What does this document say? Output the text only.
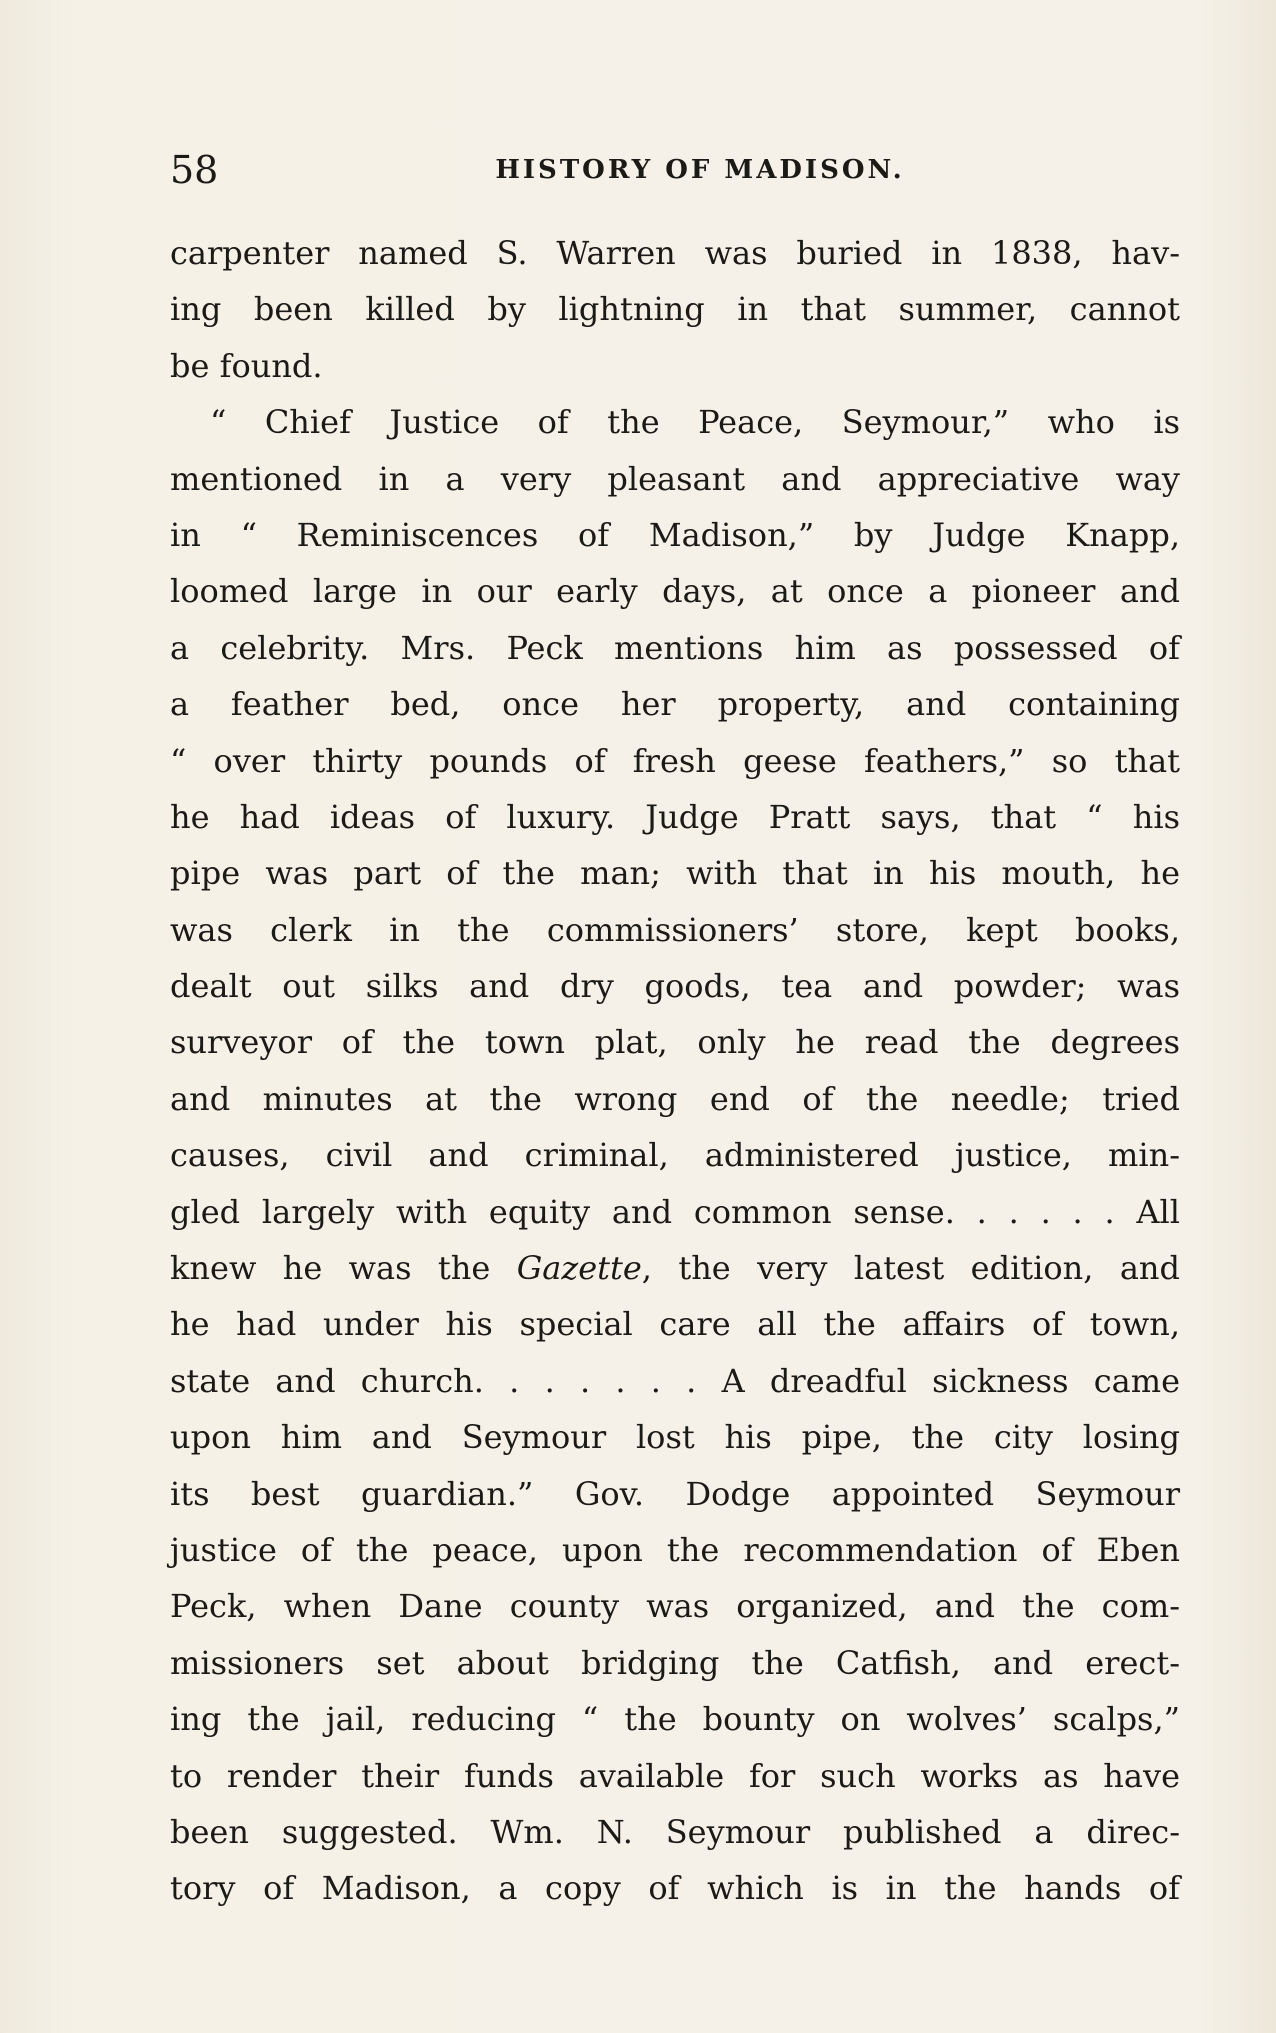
58	HISTORY OF MADISON.
carpenter named S. Warren was buried in 1838, hav-
ing been killed by lightning in that summer, cannot
be found.
“ Chief Justice of the Peace, Seymour,” who is
mentioned in a very pleasant and appreciative way
in “ Reminiscences of Madison,” by Judge Knapp,
loomed large in our early days, at once a pioneer and
a celebrity. Mrs. Peck mentions him as possessed of
a feather bed, once her property, and containing
“ over thirty pounds of fresh geese feathers,” so that
he had ideas of luxury. Judge Pratt says, that “ his
pipe was part of the man; with that in his mouth, he
was clerk in the commissioners’ store, kept books,
dealt out silks and dry goods, tea and powder; was
surveyor of the town plat, only he read the degrees
and minutes at the wrong end of the needle; tried
causes, civil and criminal, administered justice, min-
gled largely with equity and common sense. . . . . . All
knew he was the Gazette, the very latest edition, and
he had under his special care all the affairs of town,
state and church. . . . . . . A dreadful sickness came
upon him and Seymour lost his pipe, the city losing
its best guardian.” Gov. Dodge appointed Seymour
justice of the peace, upon the recommendation of Eben
Peck, when Dane county was organized, and the com-
missioners set about bridging the Catfish, and erect-
ing the jail, reducing “ the bounty on wolves’ scalps,”
to render their funds available for such works as have
been suggested. Wm. N. Seymour published a direc-
tory of Madison, a copy of which is in the hands of
